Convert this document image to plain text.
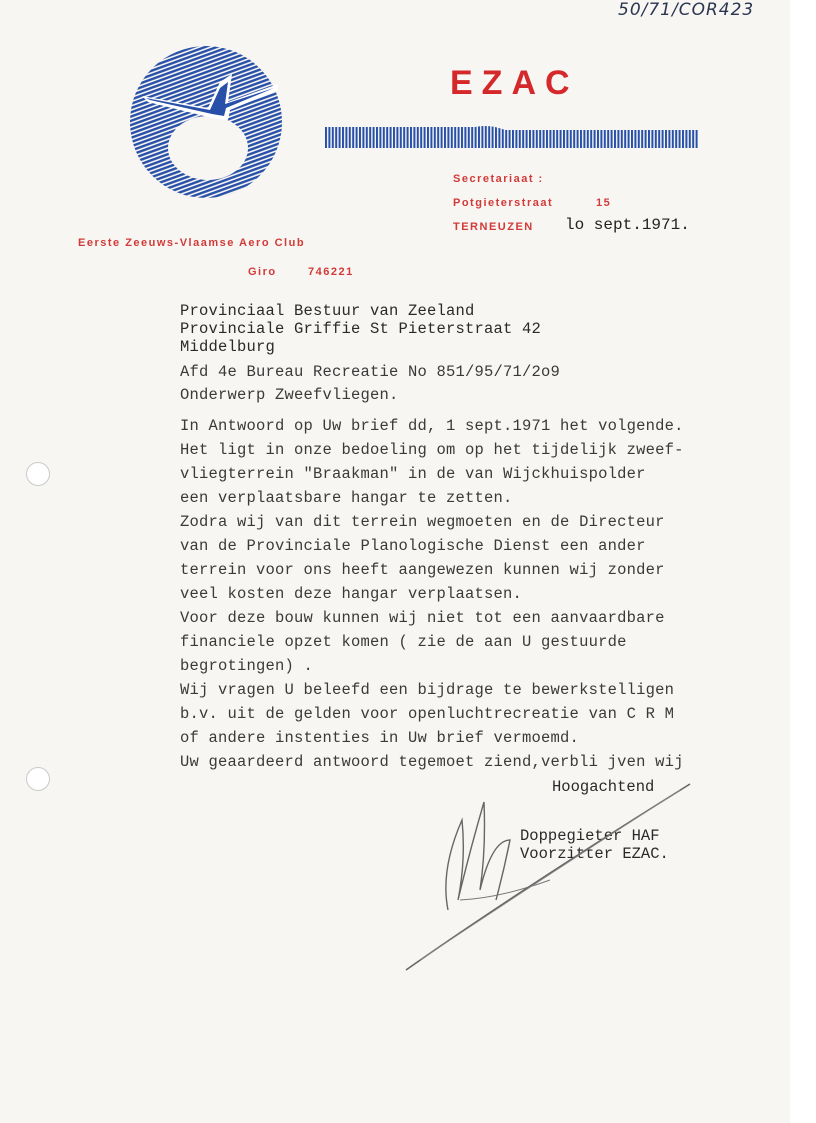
50/71/COR423
EZAC
Secretariaat :
Potgieterstraat	15
TERNEUZEN
Eerste Zeeuws-Vlaamse Aero Club
Giro	746221
lo sept.1971.
Provinciaal Bestuur van Zeeland
Provinciale Griffie St Pieterstraat 42
Middelburg
Afd 4e Bureau Recreatie No 851/95/71/2o9
Onderwerp Zweefvliegen.
In Antwoord op Uw brief dd, 1 sept.1971 het volgende.
Het ligt in onze bedoeling om op het tijdelijk zweef-
vliegterrein "Braakman" in de van Wijckhuispolder
een verplaatsbare hangar te zetten.
Zodra wij van dit terrein wegmoeten en de Directeur
van de Provinciale Planologische Dienst een ander
terrein voor ons heeft aangewezen kunnen wij zonder
veel kosten deze hangar verplaatsen.
Voor deze bouw kunnen wij niet tot een aanvaardbare
financiele opzet komen ( zie de aan U gestuurde
begrotingen) .
Wij vragen U beleefd een bijdrage te bewerkstelligen
b.v. uit de gelden voor openluchtrecreatie van C R M
of andere instenties in Uw brief vermoemd.
Uw geaardeerd antwoord tegemoet ziend,verbli jven wij
Hoogachtend
Doppegieter HAF
Voorzitter EZAC.
